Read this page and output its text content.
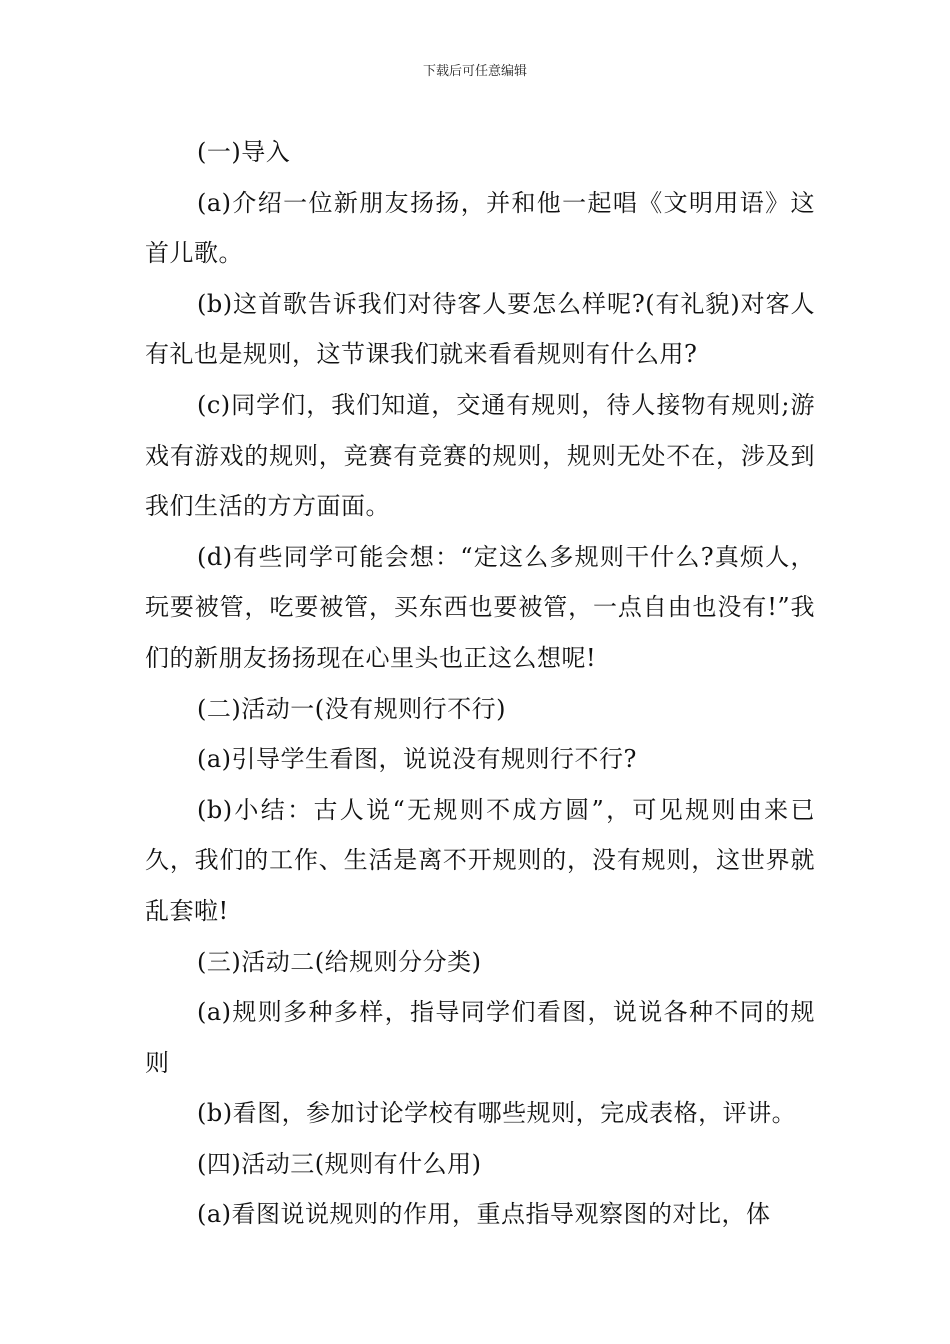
下载后可任意编辑

(一)导入

(a)介绍一位新朋友扬扬，并和他一起唱《文明用语》这首儿歌。

(b)这首歌告诉我们对待客人要怎么样呢?(有礼貌)对客人有礼也是规则，这节课我们就来看看规则有什么用?

(c)同学们，我们知道，交通有规则，待人接物有规则;游戏有游戏的规则，竞赛有竞赛的规则，规则无处不在，涉及到我们生活的方方面面。

(d)有些同学可能会想：“定这么多规则干什么?真烦人，玩要被管，吃要被管，买东西也要被管，一点自由也没有!”我们的新朋友扬扬现在心里头也正这么想呢!

(二)活动一(没有规则行不行)

(a)引导学生看图，说说没有规则行不行?

(b)小结：古人说“无规则不成方圆”，可见规则由来已久，我们的工作、生活是离不开规则的，没有规则，这世界就乱套啦!

(三)活动二(给规则分分类)

(a)规则多种多样，指导同学们看图，说说各种不同的规则

(b)看图，参加讨论学校有哪些规则，完成表格，评讲。

(四)活动三(规则有什么用)

(a)看图说说规则的作用，重点指导观察图的对比，体
